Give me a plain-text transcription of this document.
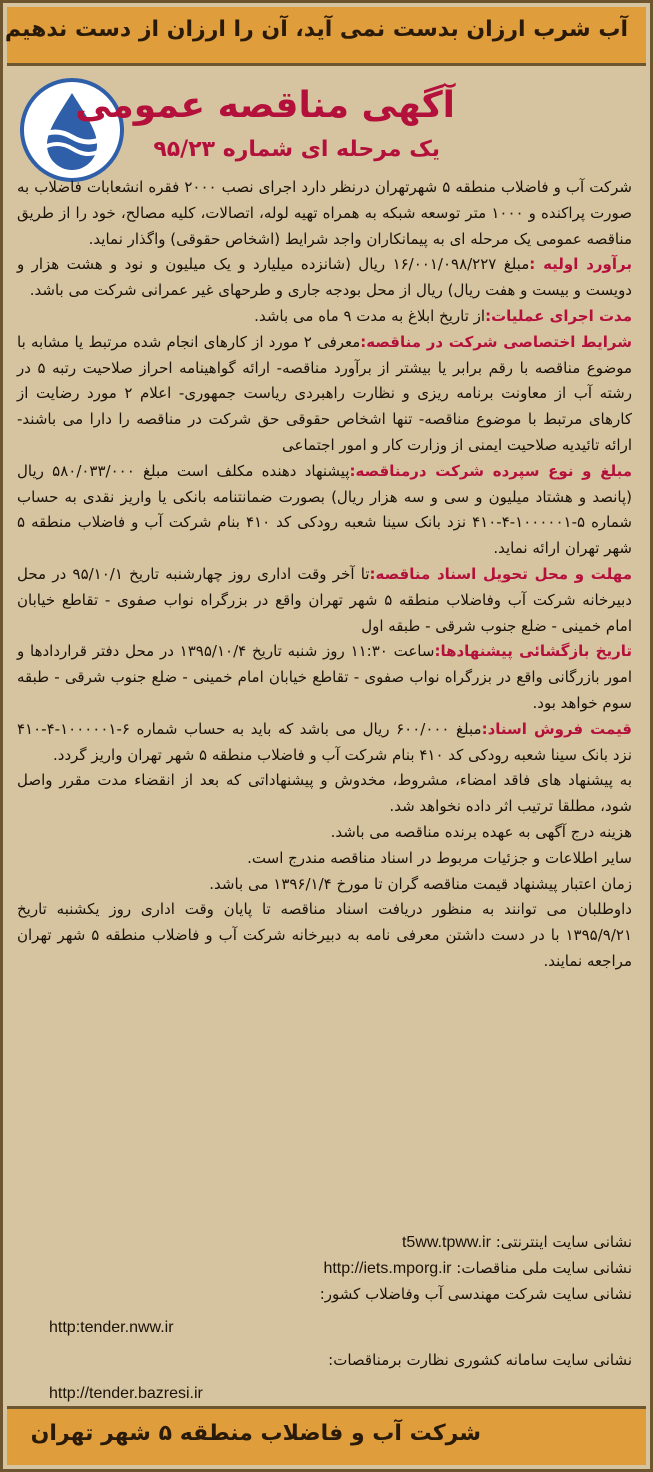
آب شرب ارزان بدست نمی آید، آن را ارزان از دست ندهیم
آگهی مناقصه عمومی
یک مرحله ای شماره ۹۵/۲۳

شرکت آب و فاضلاب منطقه ۵ شهرتهران درنظر دارد اجرای نصب ۲۰۰۰ فقره انشعابات فاضلاب به صورت پراکنده و ۱۰۰۰ متر توسعه شبکه به همراه تهیه لوله، اتصالات، کلیه مصالح، خود را از طریق مناقصه عمومی یک مرحله ای به پیمانکاران واجد شرایط (اشخاص حقوقی) واگذار نماید.

برآورد اولیه :مبلغ ۱۶/۰۰۱/۰۹۸/۲۲۷ ریال (شانزده میلیارد و یک میلیون و نود و هشت هزار و دویست و بیست و هفت ریال) ریال از محل بودجه جاری و طرحهای غیر عمرانی شرکت می باشد.

مدت اجرای عملیات:از تاریخ ابلاغ به مدت ۹ ماه می باشد.

شرایط اختصاصی شرکت در مناقصه:معرفی ۲ مورد از کارهای انجام شده مرتبط یا مشابه با موضوع مناقصه با رقم برابر یا بیشتر از برآورد مناقصه- ارائه گواهینامه احراز صلاحیت رتبه ۵ در رشته آب از معاونت برنامه ریزی و نظارت راهبردی ریاست جمهوری- اعلام ۲ مورد رضایت از کارهای مرتبط با موضوع مناقصه- تنها اشخاص حقوقی حق شرکت در مناقصه را دارا می باشند- ارائه تائیدیه صلاحیت ایمنی از وزارت کار و امور اجتماعی

مبلغ و نوع سپرده شرکت درمناقصه:پیشنهاد دهنده مکلف است مبلغ ۵۸۰/۰۳۳/۰۰۰ ریال (پانصد و هشتاد میلیون و سی و سه هزار ریال) بصورت ضمانتنامه بانکی یا واریز نقدی به حساب شماره ۵-۱۰۰۰۰۰۱-۴-۴۱۰ نزد بانک سینا شعبه رودکی کد ۴۱۰ بنام شرکت آب و فاضلاب منطقه ۵ شهر تهران ارائه نماید.

مهلت و محل تحویل اسناد مناقصه:تا آخر وقت اداری روز چهارشنبه تاریخ ۹۵/۱۰/۱ در محل دبیرخانه شرکت آب وفاضلاب منطقه ۵ شهر تهران واقع در بزرگراه نواب صفوی - تقاطع خیابان امام خمینی - ضلع جنوب شرقی - طبقه اول

تاریخ بازگشائی پیشنهادها:ساعت ۱۱:۳۰ روز شنبه تاریخ ۱۳۹۵/۱۰/۴ در محل دفتر قراردادها و امور بازرگانی واقع در بزرگراه نواب صفوی - تقاطع خیابان امام خمینی - ضلع جنوب شرقی - طبقه سوم خواهد بود.

قیمت فروش اسناد:مبلغ ۶۰۰/۰۰۰ ریال می باشد که باید به حساب شماره ۶-۱۰۰۰۰۰۱-۴-۴۱۰ نزد بانک سینا شعبه رودکی کد ۴۱۰ بنام شرکت آب و فاضلاب منطقه ۵ شهر تهران واریز گردد.

به پیشنهاد های فاقد امضاء، مشروط، مخدوش و پیشنهاداتی که بعد از انقضاء مدت مقرر واصل شود، مطلقا ترتیب اثر داده نخواهد شد.

هزینه درج آگهی به عهده برنده مناقصه می باشد.

سایر اطلاعات و جزئیات مربوط در اسناد مناقصه مندرج است.

زمان اعتبار پیشنهاد قیمت مناقصه گران تا مورخ ۱۳۹۶/۱/۴ می باشد.

داوطلبان می توانند به منظور دریافت اسناد مناقصه تا پایان وقت اداری روز یکشنبه تاریخ ۱۳۹۵/۹/۲۱ با در دست داشتن معرفی نامه به دبیرخانه شرکت آب و فاضلاب منطقه ۵ شهر تهران مراجعه نمایند.

نشانی سایت اینترنتی: t5ww.tpww.ir
نشانی سایت ملی مناقصات: http://iets.mporg.ir
نشانی سایت شرکت مهندسی آب وفاضلاب کشور:
http:tender.nww.ir
نشانی سایت سامانه کشوری نظارت برمناقصات:
http://tender.bazresi.ir
شرکت آب و فاضلاب منطقه ۵ شهر تهران
